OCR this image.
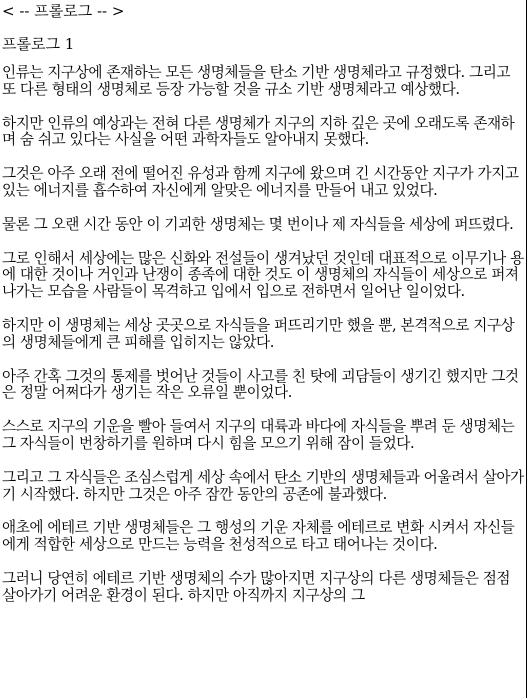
< -- 프롤로그 -- >
프롤로그 1

인류는 지구상에 존재하는 모든 생명체들을 탄소 기반 생명체라고 규정했다. 그리고 또 다른 형태의 생명체로 등장 가능할 것을 규소 기반 생명체라고 예상했다.

하지만 인류의 예상과는 전혀 다른 생명체가 지구의 지하 깊은 곳에 오래도록 존재하며 숨 쉬고 있다는 사실을 어떤 과학자들도 알아내지 못했다.

그것은 아주 오래 전에 떨어진 유성과 함께 지구에 왔으며 긴 시간동안 지구가 가지고 있는 에너지를 흡수하여 자신에게 알맞은 에너지를 만들어 내고 있었다.

물론 그 오랜 시간 동안 이 기괴한 생명체는 몇 번이나 제 자식들을 세상에 퍼뜨렸다.

그로 인해서 세상에는 많은 신화와 전설들이 생겨났던 것인데 대표적으로 이무기나 용에 대한 것이나 거인과 난쟁이 종족에 대한 것도 이 생명체의 자식들이 세상으로 퍼져 나가는 모습을 사람들이 목격하고 입에서 입으로 전하면서 일어난 일이었다.

하지만 이 생명체는 세상 곳곳으로 자식들을 퍼뜨리기만 했을 뿐, 본격적으로 지구상의 생명체들에게 큰 피해를 입히지는 않았다.

아주 간혹 그것의 통제를 벗어난 것들이 사고를 친 탓에 괴담들이 생기긴 했지만 그것은 정말 어쩌다가 생기는 작은 오류일 뿐이었다.

스스로 지구의 기운을 빨아 들여서 지구의 대륙과 바다에 자식들을 뿌려 둔 생명체는 그 자식들이 번창하기를 원하며 다시 힘을 모으기 위해 잠이 들었다.

그리고 그 자식들은 조심스럽게 세상 속에서 탄소 기반의 생명체들과 어울려서 살아가기 시작했다. 하지만 그것은 아주 잠깐 동안의 공존에 불과했다.

애초에 에테르 기반 생명체들은 그 행성의 기운 자체를 에테르로 변화 시켜서 자신들에게 적합한 세상으로 만드는 능력을 천성적으로 타고 태어나는 것이다.

그러니 당연히 에테르 기반 생명체의 수가 많아지면 지구상의 다른 생명체들은 점점 살아가기 어려운 환경이 된다. 하지만 아직까지 지구상의 그
